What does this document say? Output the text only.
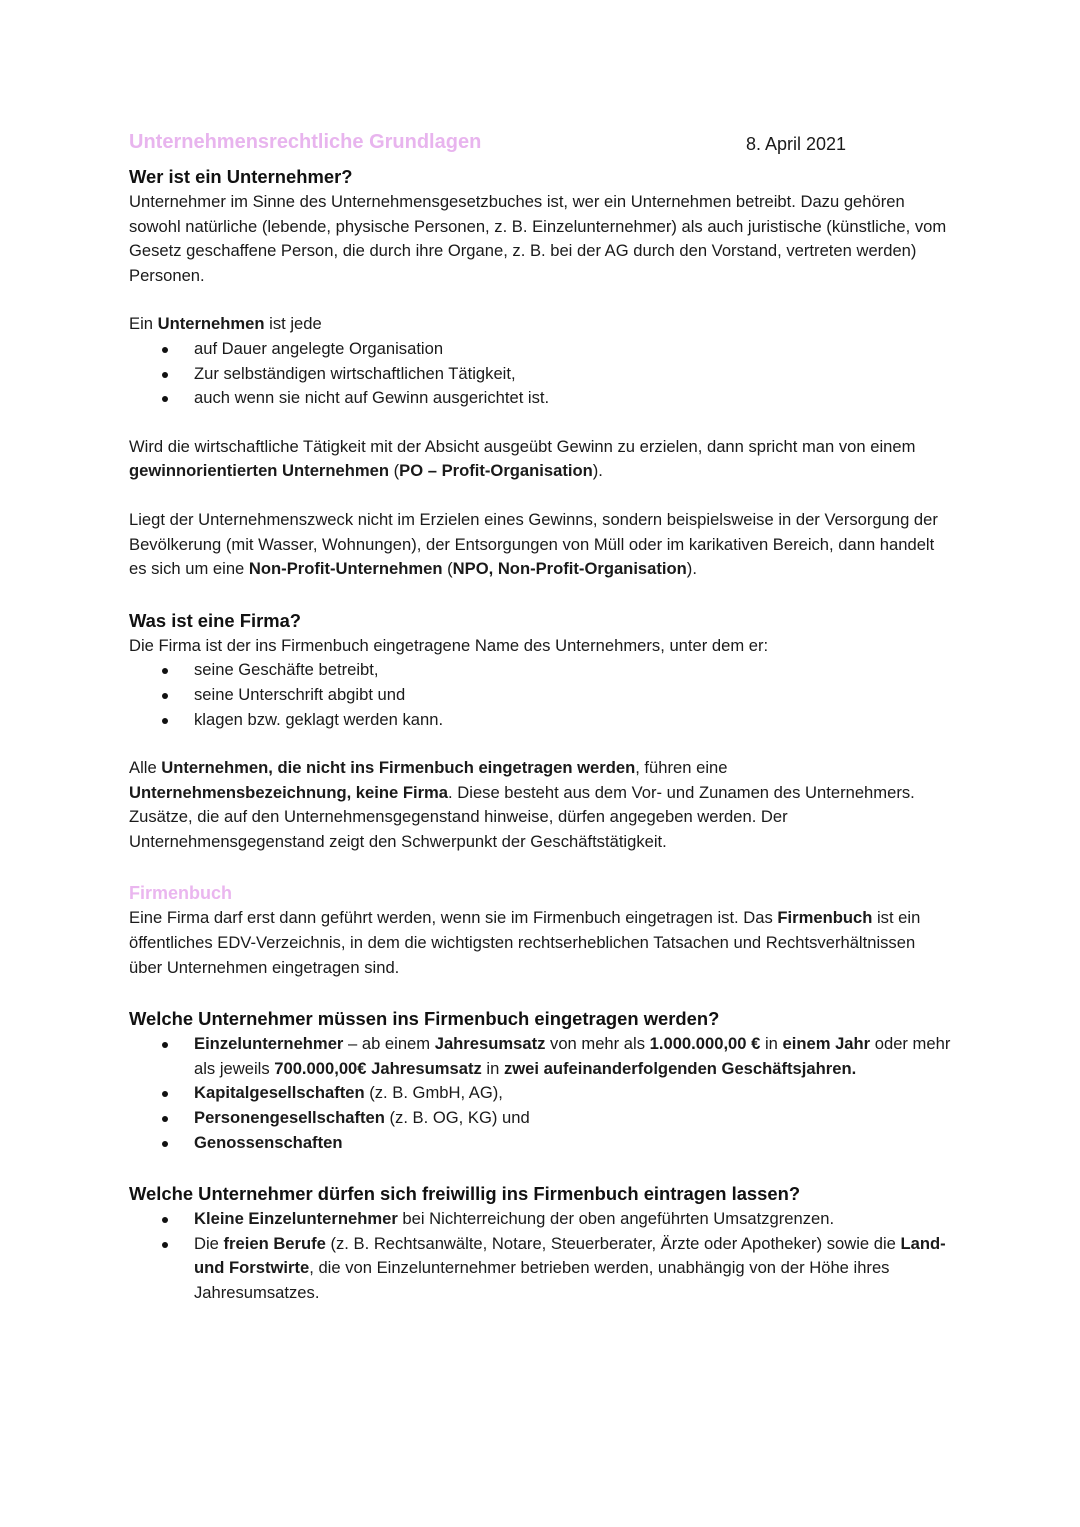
Unternehmensrechtliche Grundlagen	8. April 2021
Wer ist ein Unternehmer?

Unternehmer im Sinne des Unternehmensgesetzbuches ist, wer ein Unternehmen betreibt. Dazu gehören sowohl natürliche (lebende, physische Personen, z. B. Einzelunternehmer) als auch juristische (künstliche, vom Gesetz geschaffene Person, die durch ihre Organe, z. B. bei der AG durch den Vorstand, vertreten werden) Personen.

Ein Unternehmen ist jede

auf Dauer angelegte Organisation
Zur selbständigen wirtschaftlichen Tätigkeit,
auch wenn sie nicht auf Gewinn ausgerichtet ist.

Wird die wirtschaftliche Tätigkeit mit der Absicht ausgeübt Gewinn zu erzielen, dann spricht man von einem gewinnorientierten Unternehmen (PO – Profit-Organisation).

Liegt der Unternehmenszweck nicht im Erzielen eines Gewinns, sondern beispielsweise in der Versorgung der Bevölkerung (mit Wasser, Wohnungen), der Entsorgungen von Müll oder im karikativen Bereich, dann handelt es sich um eine Non-Profit-Unternehmen (NPO, Non-Profit-Organisation).

Was ist eine Firma?

Die Firma ist der ins Firmenbuch eingetragene Name des Unternehmers, unter dem er:

seine Geschäfte betreibt,
seine Unterschrift abgibt und
klagen bzw. geklagt werden kann.

Alle Unternehmen, die nicht ins Firmenbuch eingetragen werden, führen eine Unternehmensbezeichnung, keine Firma. Diese besteht aus dem Vor- und Zunamen des Unternehmers. Zusätze, die auf den Unternehmensgegenstand hinweise, dürfen angegeben werden. Der Unternehmensgegenstand zeigt den Schwerpunkt der Geschäftstätigkeit.

Firmenbuch

Eine Firma darf erst dann geführt werden, wenn sie im Firmenbuch eingetragen ist. Das Firmenbuch ist ein öffentliches EDV-Verzeichnis, in dem die wichtigsten rechtserheblichen Tatsachen und Rechtsverhältnissen über Unternehmen eingetragen sind.

Welche Unternehmer müssen ins Firmenbuch eingetragen werden?
Einzelunternehmer – ab einem Jahresumsatz von mehr als 1.000.000,00 € in einem Jahr oder mehr als jeweils 700.000,00€ Jahresumsatz in zwei aufeinanderfolgenden Geschäftsjahren.
Kapitalgesellschaften (z. B. GmbH, AG),
Personengesellschaften (z. B. OG, KG) und
Genossenschaften
Welche Unternehmer dürfen sich freiwillig ins Firmenbuch eintragen lassen?
Kleine Einzelunternehmer bei Nichterreichung der oben angeführten Umsatzgrenzen.
Die freien Berufe (z. B. Rechtsanwälte, Notare, Steuerberater, Ärzte oder Apotheker) sowie die Land- und Forstwirte, die von Einzelunternehmer betrieben werden, unabhängig von der Höhe ihres Jahresumsatzes.
